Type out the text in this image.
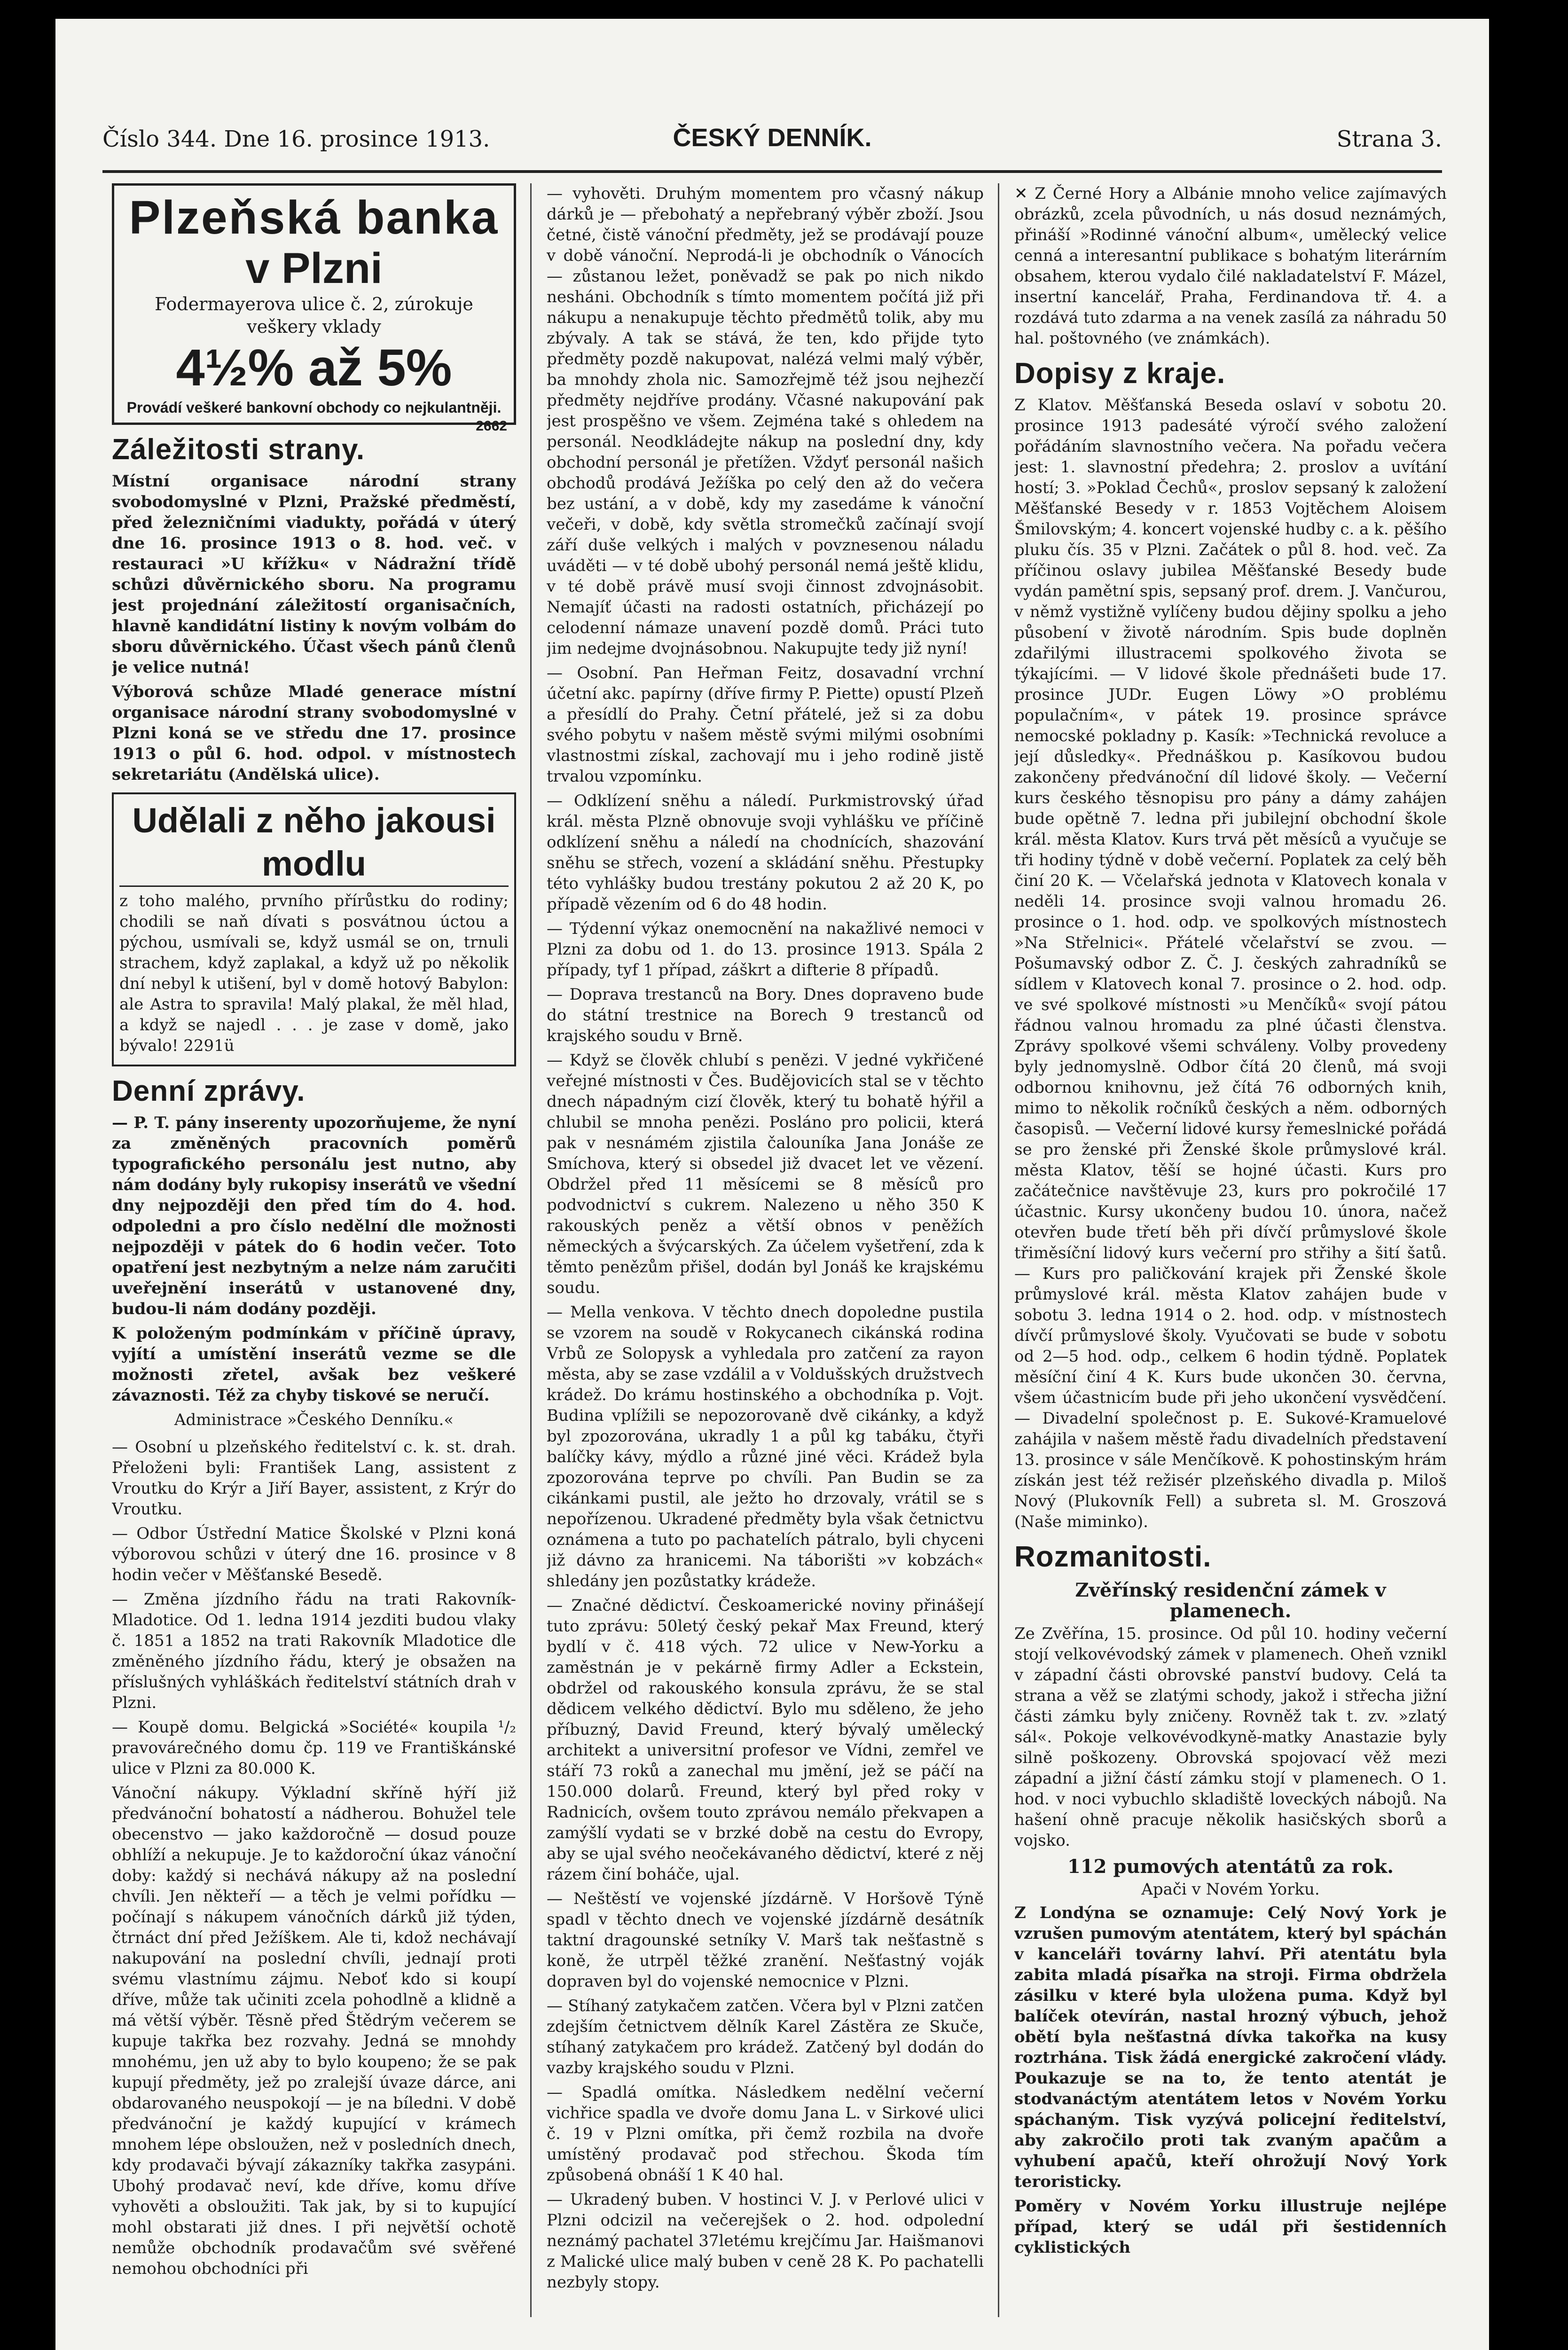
Číslo 344. Dne 16. prosince 1913.	ČESKÝ DENNÍK.	Strana 3.
Plzeňská banka
v Plzni
Fodermayerova ulice č. 2, zúrokuje veškery vklady
4½% až 5%
Provádí veškeré bankovní obchody co nejkulantněji.
2662
Záležitosti strany.

Místní organisace národní strany svobodomyslné v Plzni, Pražské předměstí, před železničními viadukty, pořádá v úterý dne 16. prosince 1913 o 8. hod. več. v restauraci »U křížku« v Nádražní třídě schůzi důvěrnického sboru. Na programu jest projednání záležitostí organisačních, hlavně kandidátní listiny k novým volbám do sboru důvěrnického. Účast všech pánů členů je velice nutná!

Výborová schůze Mladé generace místní organisace národní strany svobodomyslné v Plzni koná se ve středu dne 17. prosince 1913 o půl 6. hod. odpol. v místnostech sekretariátu (Andělská ulice).

Udělali z něho jakousi modlu

z toho malého, prvního přírůstku do rodiny; chodili se naň dívati s posvátnou úctou a pýchou, usmívali se, když usmál se on, trnuli strachem, když zaplakal, a když už po několik dní nebyl k utišení, byl v domě hotový Babylon: ale Astra to spravila! Malý plakal, že měl hlad, a když se najedl . . . je zase v domě, jako bývalo! 2291ü

Denní zprávy.

— P. T. pány inserenty upozorňujeme, že nyní za změněných pracovních poměrů typografického personálu jest nutno, aby nám dodány byly rukopisy inserátů ve všední dny nejpozději den před tím do 4. hod. odpoledni a pro číslo nedělní dle možnosti nejpozději v pátek do 6 hodin večer. Toto opatření jest nezbytným a nelze nám zaručiti uveřejnění inserátů v ustanovené dny, budou-li nám dodány později.

K položeným podmínkám v příčině úpravy, vyjítí a umístění inserátů vezme se dle možnosti zřetel, avšak bez veškeré závaznosti. Též za chyby tiskové se neručí.

Administrace »Českého Denníku.«

— Osobní u plzeňského ředitelství c. k. st. drah. Přeloženi byli: František Lang, assistent z Vroutku do Krýr a Jiří Bayer, assistent, z Krýr do Vroutku.

— Odbor Ústřední Matice Školské v Plzni koná výborovou schůzi v úterý dne 16. prosince v 8 hodin večer v Měšťanské Besedě.

— Změna jízdního řádu na trati Rakovník-Mladotice. Od 1. ledna 1914 jezditi budou vlaky č. 1851 a 1852 na trati Rakovník Mladotice dle změněného jízdního řádu, který je obsažen na příslušných vyhláškách ředitelství státních drah v Plzni.

— Koupě domu. Belgická »Société« koupila ¹/₂ pravovárečného domu čp. 119 ve Františkánské ulice v Plzni za 80.000 K.

Vánoční nákupy. Výkladní skříně hýří již předvánoční bohatostí a nádherou. Bohužel tele obecenstvo — jako každoročně — dosud pouze obhlíží a nekupuje. Je to každoroční úkaz vánoční doby: každý si nechává nákupy až na poslední chvíli. Jen někteří — a těch je velmi pořídku — počínají s nákupem vánočních dárků již týden, čtrnáct dní před Ježíškem. Ale ti, kdož nechávají nakupování na poslední chvíli, jednají proti svému vlastnímu zájmu. Neboť kdo si koupí dříve, může tak učiniti zcela pohodlně a klidně a má větší výběr. Těsně před Štědrým večerem se kupuje takřka bez rozvahy. Jedná se mnohdy mnohému, jen už aby to bylo koupeno; že se pak kupují předměty, jež po zralejší úvaze dárce, ani obdarovaného neuspokojí — je na bíledni. V době předvánoční je každý kupující v krámech mnohem lépe obsloužen, než v posledních dnech, kdy prodavači bývají zákazníky takřka zasypáni. Ubohý prodavač neví, kde dříve, komu dříve vyhověti a obsloužiti. Tak jak, by si to kupující mohl obstarati již dnes. I při největší ochotě nemůže obchodník prodavačům své svěřené nemohou obchodníci při

— vyhověti. Druhým momentem pro včasný nákup dárků je — přebohatý a nepřebraný výběr zboží. Jsou četné, čistě vánoční předměty, jež se prodávají pouze v době vánoční. Neprodá-li je obchodník o Vánocích — zůstanou ležet, poněvadž se pak po nich nikdo nesháni. Obchodník s tímto momentem počítá již při nákupu a nenakupuje těchto předmětů tolik, aby mu zbývaly. A tak se stává, že ten, kdo přijde tyto předměty pozdě nakupovat, nalézá velmi malý výběr, ba mnohdy zhola nic. Samozřejmě též jsou nejhezčí předměty nejdříve prodány. Včasné nakupování pak jest prospěšno ve všem. Zejména také s ohledem na personál. Neodkládejte nákup na poslední dny, kdy obchodní personál je přetížen. Vždyť personál našich obchodů prodává Ježíška po celý den až do večera bez ustání, a v době, kdy my zasedáme k vánoční večeři, v době, kdy světla stromečků začínají svojí září duše velkých i malých v povznesenou náladu uváděti — v té době ubohý personál nemá ještě klidu, v té době právě musí svoji činnost zdvojnásobit. Nemajíť účasti na radosti ostatních, přicházejí po celodenní námaze unavení pozdě domů. Práci tuto jim nedejme dvojnásobnou. Nakupujte tedy již nyní!

— Osobní. Pan Heřman Feitz, dosavadní vrchní účetní akc. papírny (dříve firmy P. Piette) opustí Plzeň a přesídlí do Prahy. Četní přátelé, jež si za dobu svého pobytu v našem městě svými milými osobními vlastnostmi získal, zachovají mu i jeho rodině jistě trvalou vzpomínku.

— Odklízení sněhu a náledí. Purkmistrovský úřad král. města Plzně obnovuje svoji vyhlášku ve příčině odklízení sněhu a náledí na chodnících, shazování sněhu se střech, vození a skládání sněhu. Přestupky této vyhlášky budou trestány pokutou 2 až 20 K, po případě vězením od 6 do 48 hodin.

— Týdenní výkaz onemocnění na nakažlivé nemoci v Plzni za dobu od 1. do 13. prosince 1913. Spála 2 případy, tyf 1 případ, záškrt a difterie 8 případů.

— Doprava trestanců na Bory. Dnes dopraveno bude do státní trestnice na Borech 9 trestanců od krajského soudu v Brně.

— Když se člověk chlubí s penězi. V jedné vykřičené veřejné místnosti v Čes. Budějovicích stal se v těchto dnech nápadným cizí člověk, který tu bohatě hýřil a chlubil se mnoha penězi. Posláno pro policii, která pak v nesnámém zjistila čalouníka Jana Jonáše ze Smíchova, který si obsedel již dvacet let ve vězení. Obdržel před 11 měsícemi se 8 měsíců pro podvodnictví s cukrem. Nalezeno u něho 350 K rakouských peněz a větší obnos v peněžích německých a švýcarských. Za účelem vyšetření, zda k těmto penězům přišel, dodán byl Jonáš ke krajskému soudu.

— Mella venkova. V těchto dnech dopoledne pustila se vzorem na soudě v Rokycanech cikánská rodina Vrbů ze Solopysk a vyhledala pro zatčení za rayon města, aby se zase vzdálil a v Voldušských družstvech krádež. Do krámu hostinského a obchodníka p. Vojt. Budina vplížili se nepozorovaně dvě cikánky, a když byl zpozorována, ukradly 1 a půl kg tabáku, čtyři balíčky kávy, mýdlo a různé jiné věci. Krádež byla zpozorována teprve po chvíli. Pan Budin se za cikánkami pustil, ale ježto ho drzovaly, vrátil se s nepořízenou. Ukradené předměty byla však četnictvu oznámena a tuto po pachatelích pátralo, byli chyceni již dávno za hranicemi. Na táborišti »v kobzách« shledány jen pozůstatky krádeže.

— Značné dědictví. Českoamerické noviny přinášejí tuto zprávu: 50letý český pekař Max Freund, který bydlí v č. 418 vých. 72 ulice v New-Yorku a zaměstnán je v pekárně firmy Adler a Eckstein, obdržel od rakouského konsula zprávu, že se stal dědicem velkého dědictví. Bylo mu sděleno, že jeho příbuzný, David Freund, který bývalý umělecký architekt a universitní profesor ve Vídni, zemřel ve stáří 73 roků a zanechal mu jmění, jež se páčí na 150.000 dolarů. Freund, který byl před roky v Radnicích, ovšem touto zprávou nemálo překvapen a zamýšlí vydati se v brzké době na cestu do Evropy, aby se ujal svého neočekávaného dědictví, které z něj rázem činí boháče, ujal.

— Neštěstí ve vojenské jízdárně. V Horšově Týně spadl v těchto dnech ve vojenské jízdárně desátník taktní dragounské setníky V. Marš tak nešťastně s koně, že utrpěl těžké zranění. Nešťastný voják dopraven byl do vojenské nemocnice v Plzni.

— Stíhaný zatykačem zatčen. Včera byl v Plzni zatčen zdejším četnictvem dělník Karel Zástěra ze Skuče, stíhaný zatykačem pro krádež. Zatčený byl dodán do vazby krajského soudu v Plzni.

— Spadlá omítka. Následkem nedělní večerní vichřice spadla ve dvoře domu Jana L. v Sirkové ulici č. 19 v Plzni omítka, při čemž rozbila na dvoře umístěný prodavač pod střechou. Škoda tím způsobená obnáší 1 K 40 hal.

— Ukradený buben. V hostinci V. J. v Perlové ulici v Plzni odcizil na večerejšek o 2. hod. odpolední neznámý pachatel 37letému krejčímu Jar. Haišmanovi z Malické ulice malý buben v ceně 28 K. Po pachatelli nezbyly stopy.

✕ Z Černé Hory a Albánie mnoho velice zajímavých obrázků, zcela původních, u nás dosud neznámých, přináší »Rodinné vánoční album«, umělecký velice cenná a interesantní publikace s bohatým literárním obsahem, kterou vydalo čilé nakladatelství F. Mázel, insertní kancelář, Praha, Ferdinandova tř. 4. a rozdává tuto zdarma a na venek zasílá za náhradu 50 hal. poštovného (ve známkách).

Dopisy z kraje.

Z Klatov. Měšťanská Beseda oslaví v sobotu 20. prosince 1913 padesáté výročí svého založení pořádáním slavnostního večera. Na pořadu večera jest: 1. slavnostní předehra; 2. proslov a uvítání hostí; 3. »Poklad Čechů«, proslov sepsaný k založení Měšťanské Besedy v r. 1853 Vojtěchem Aloisem Šmilovským; 4. koncert vojenské hudby c. a k. pěšího pluku čís. 35 v Plzni. Začátek o půl 8. hod. več. Za příčinou oslavy jubilea Měšťanské Besedy bude vydán pamětní spis, sepsaný prof. drem. J. Vančurou, v němž vystižně vylíčeny budou dějiny spolku a jeho působení v životě národním. Spis bude doplněn zdařilými illustracemi spolkového života se týkajícími. — V lidové škole přednášeti bude 17. prosince JUDr. Eugen Löwy »O problému populačním«, v pátek 19. prosince správce nemocské pokladny p. Kasík: »Technická revoluce a její důsledky«. Přednáškou p. Kasíkovou budou zakončeny předvánoční díl lidové školy. — Večerní kurs českého těsnopisu pro pány a dámy zahájen bude opětně 7. ledna při jubilejní obchodní škole král. města Klatov. Kurs trvá pět měsíců a vyučuje se tři hodiny týdně v době večerní. Poplatek za celý běh činí 20 K. — Včelařská jednota v Klatovech konala v neděli 14. prosince svoji valnou hromadu 26. prosince o 1. hod. odp. ve spolkových místnostech »Na Střelnici«. Přátelé včelařství se zvou. — Pošumavský odbor Z. Č. J. českých zahradníků se sídlem v Klatovech konal 7. prosince o 2. hod. odp. ve své spolkové místnosti »u Menčíků« svojí pátou řádnou valnou hromadu za plné účasti členstva. Zprávy spolkové všemi schváleny. Volby provedeny byly jednomyslně. Odbor čítá 20 členů, má svoji odbornou knihovnu, jež čítá 76 odborných knih, mimo to několik ročníků českých a něm. odborných časopisů. — Večerní lidové kursy řemeslnické pořádá se pro ženské při Ženské škole průmyslové král. města Klatov, těší se hojné účasti. Kurs pro začátečnice navštěvuje 23, kurs pro pokročilé 17 účastnic. Kursy ukončeny budou 10. února, načež otevřen bude třetí běh při dívčí průmyslové škole třiměsíční lidový kurs večerní pro střihy a šití šatů. — Kurs pro paličkování krajek při Ženské škole průmyslové král. města Klatov zahájen bude v sobotu 3. ledna 1914 o 2. hod. odp. v místnostech dívčí průmyslové školy. Vyučovati se bude v sobotu od 2—5 hod. odp., celkem 6 hodin týdně. Poplatek měsíční činí 4 K. Kurs bude ukončen 30. června, všem účastnicím bude při jeho ukončení vysvědčení. — Divadelní společnost p. E. Sukové-Kramuelové zahájila v našem městě řadu divadelních představení 13. prosince v sále Menčíkově. K pohostinským hrám získán jest též režisér plzeňského divadla p. Miloš Nový (Plukovník Fell) a subreta sl. M. Groszová (Naše miminko).

Rozmanitosti.
Zvěřínský residenční zámek v plamenech.

Ze Zvěřína, 15. prosince. Od půl 10. hodiny večerní stojí velkovévodský zámek v plamenech. Oheň vznikl v západní části obrovské panství budovy. Celá ta strana a věž se zlatými schody, jakož i střecha jižní části zámku byly zničeny. Rovněž tak t. zv. »zlatý sál«. Pokoje velkovévodkyně-matky Anastazie byly silně poškozeny. Obrovská spojovací věž mezi západní a jižní částí zámku stojí v plamenech. O 1. hod. v noci vybuchlo skladiště loveckých nábojů. Na hašení ohně pracuje několik hasičských sborů a vojsko.

112 pumových atentátů za rok.
Apači v Novém Yorku.

Z Londýna se oznamuje: Celý Nový York je vzrušen pumovým atentátem, který byl spáchán v kanceláři továrny lahví. Při atentátu byla zabita mladá písařka na stroji. Firma obdržela zásilku v které byla uložena puma. Když byl balíček otevírán, nastal hrozný výbuch, jehož obětí byla nešťastná dívka takořka na kusy roztrhána. Tisk žádá energické zakročení vlády. Poukazuje se na to, že tento atentát je stodvanáctým atentátem letos v Novém Yorku spáchaným. Tisk vyzývá policejní ředitelství, aby zakročilo proti tak zvaným apačům a vyhubení apačů, kteří ohrožují Nový York teroristicky.

Poměry v Novém Yorku illustruje nejlépe případ, který se udál při šestidenních cyklistických
